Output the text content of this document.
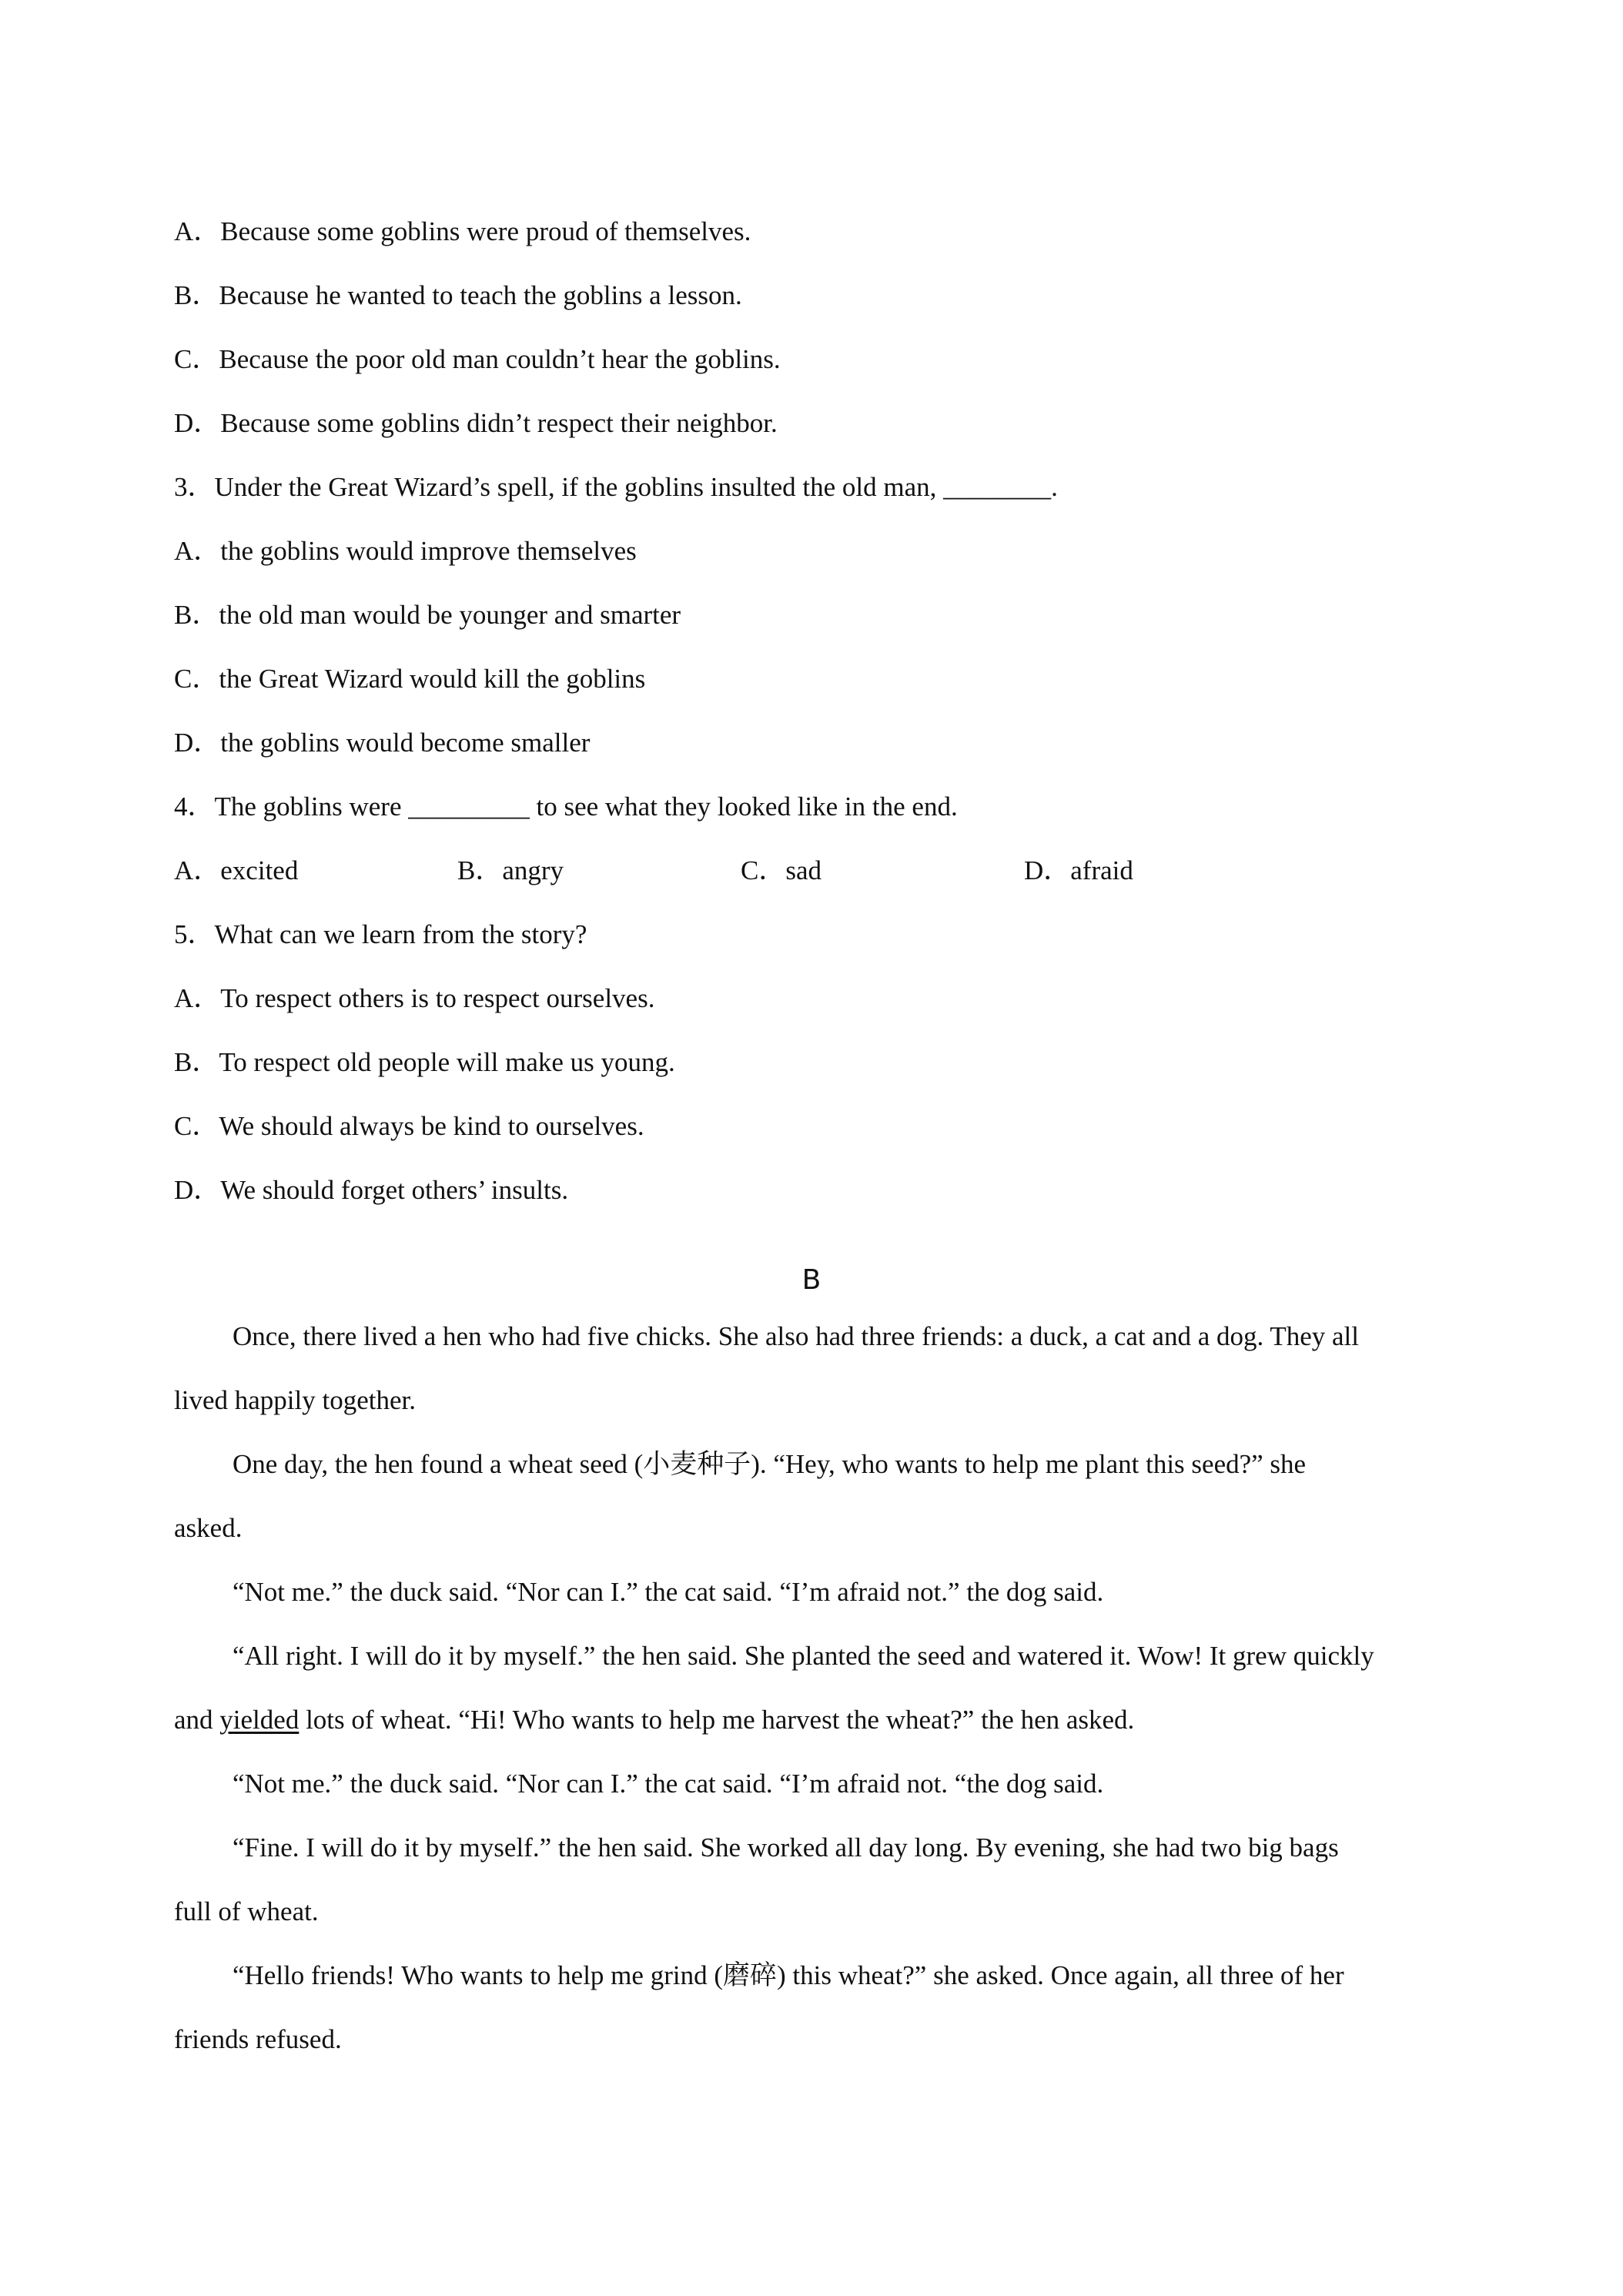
A．Because some goblins were proud of themselves.
B．Because he wanted to teach the goblins a lesson.
C．Because the poor old man couldn’t hear the goblins.
D．Because some goblins didn’t respect their neighbor.
3．Under the Great Wizard’s spell, if the goblins insulted the old man, ________.
A．the goblins would improve themselves
B．the old man would be younger and smarter
C．the Great Wizard would kill the goblins
D．the goblins would become smaller
4．The goblins were _________ to see what they looked like in the end.
A．excited	B．angry	C．sad	D．afraid
5．What can we learn from the story?
A．To respect others is to respect ourselves.
B．To respect old people will make us young.
C．We should always be kind to ourselves.
D．We should forget others’ insults.
B
Once, there lived a hen who had five chicks. She also had three friends: a duck, a cat and a dog. They all
lived happily together.
One day, the hen found a wheat seed (小麦种子). “Hey, who wants to help me plant this seed?” she
asked.
“Not me.” the duck said. “Nor can I.” the cat said. “I’m afraid not.” the dog said.
“All right. I will do it by myself.” the hen said. She planted the seed and watered it. Wow! It grew quickly
and yielded lots of wheat. “Hi! Who wants to help me harvest the wheat?” the hen asked.
“Not me.” the duck said. “Nor can I.” the cat said. “I’m afraid not. “the dog said.
“Fine. I will do it by myself.” the hen said. She worked all day long. By evening, she had two big bags
full of wheat.
“Hello friends! Who wants to help me grind (磨碎) this wheat?” she asked. Once again, all three of her
friends refused.
